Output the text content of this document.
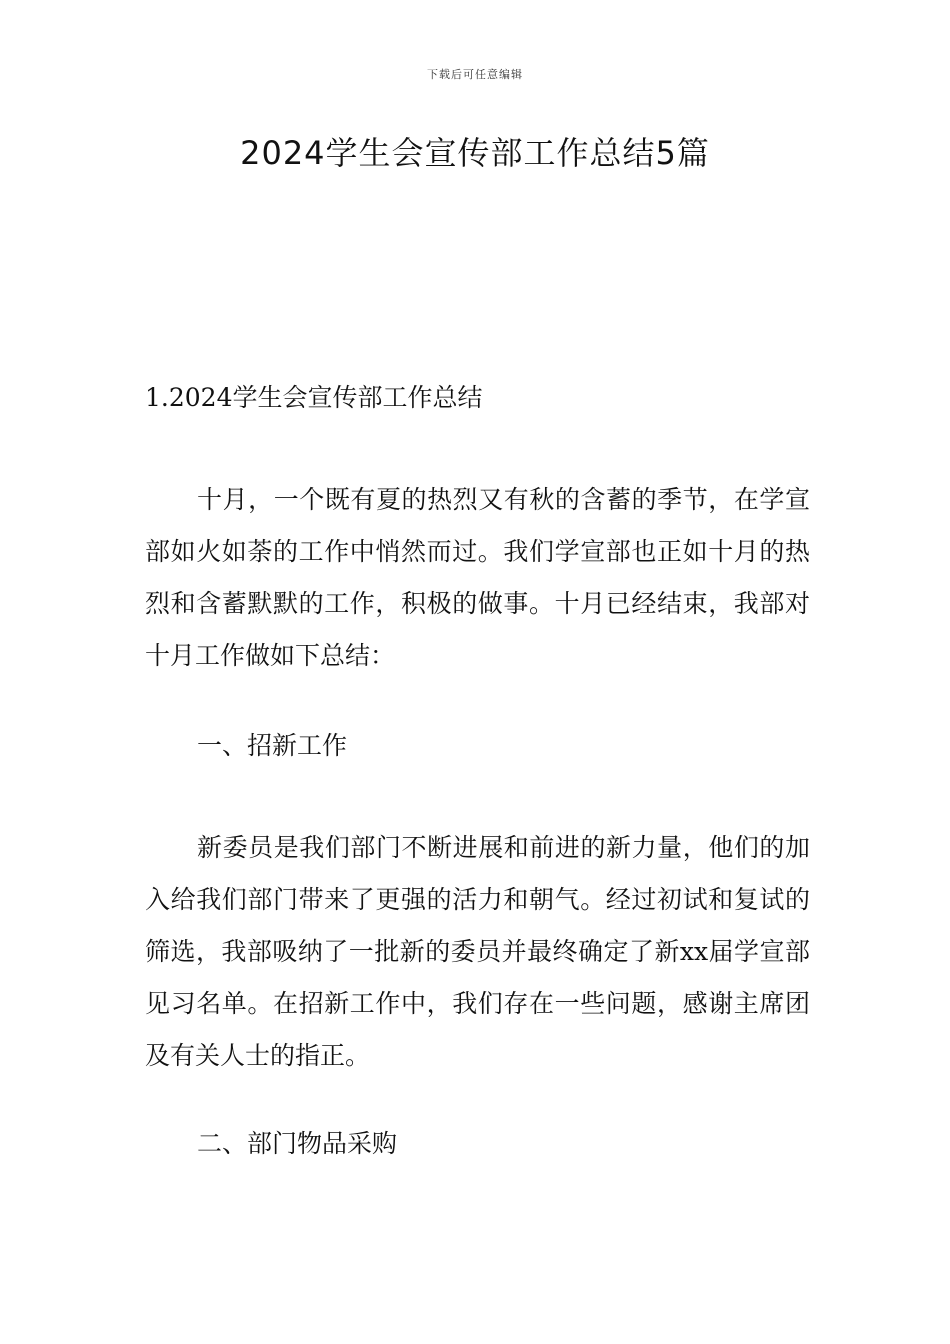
下载后可任意编辑
2024学生会宣传部工作总结5篇

1.2024学生会宣传部工作总结

十月，一个既有夏的热烈又有秋的含蓄的季节，在学宣部如火如荼的工作中悄然而过。我们学宣部也正如十月的热烈和含蓄默默的工作，积极的做事。十月已经结束，我部对十月工作做如下总结：

一、招新工作

新委员是我们部门不断进展和前进的新力量，他们的加入给我们部门带来了更强的活力和朝气。经过初试和复试的筛选，我部吸纳了一批新的委员并最终确定了新xx届学宣部见习名单。在招新工作中，我们存在一些问题，感谢主席团及有关人士的指正。

二、部门物品采购
